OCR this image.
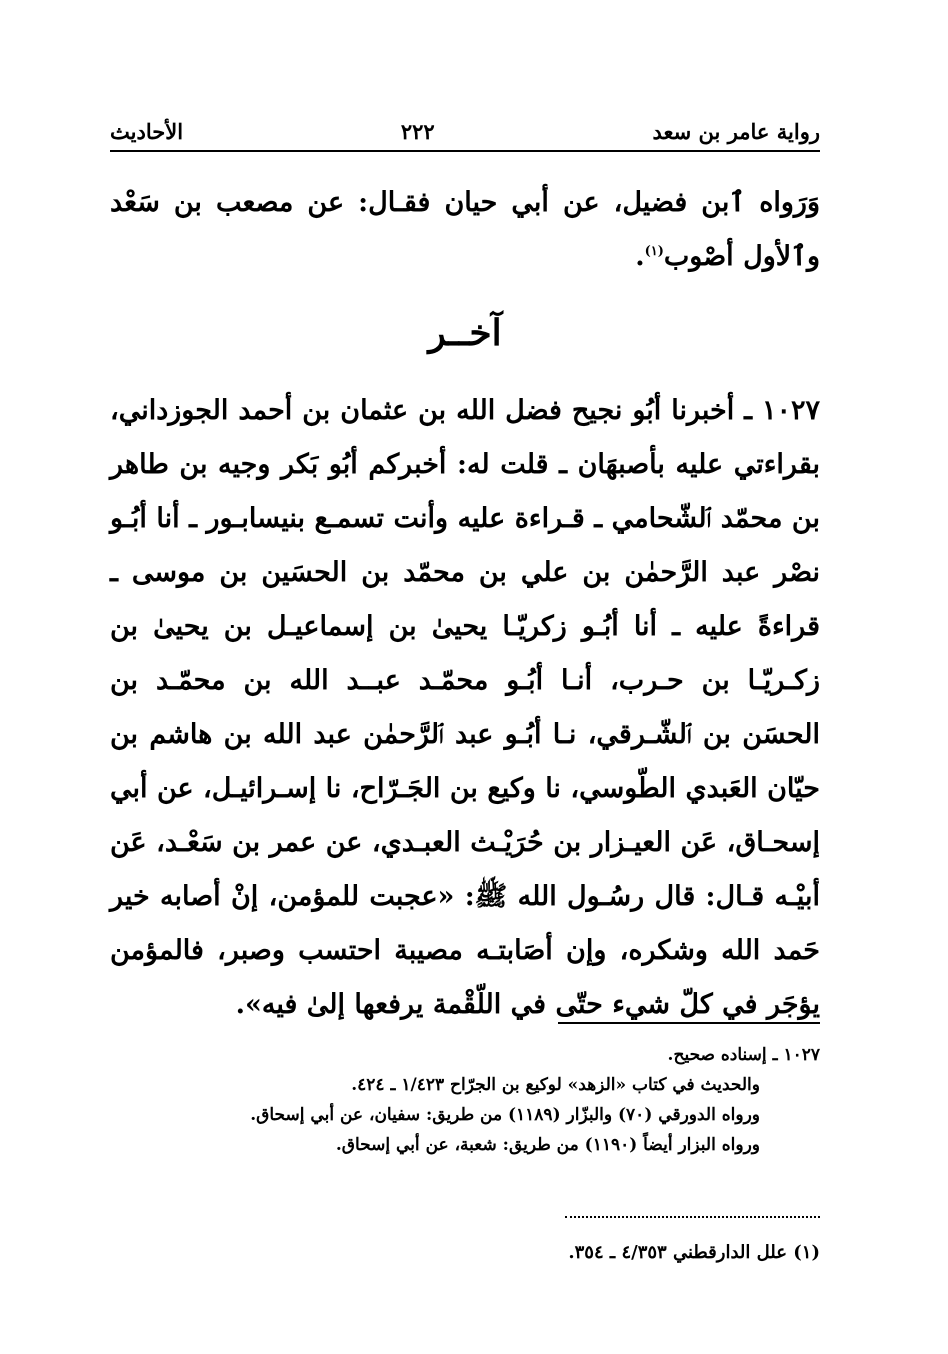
رواية عامر بن سعد
٢٢٢
الأحاديث
وَرَواه ٱبن فضيل، عن أبي حيان فقـال: عن مصعب بن سَعْد وٱلأول أصْوب$^{(١)}$.
آخــر
١٠٢٧ ـ أخبرنا أبُو نجيح فضل الله بن عثمان بن أحمد الجوزداني، بقراءتي عليه بأصبهَان ـ قلت له: أخبركم أبُو بَكر وجيه بن طاهر بن محمّد ٱلشّحامي ـ قـراءة عليه وأنت تسمـع بنيسابـور ـ أنا أبُـو نصْر عبد الرَّحمٰن بن علي بن محمّد بن الحسَين بن موسى ـ قراءةً عليه ـ أنا أبُـو زكريّـا يحيىٰ بن إسماعيـل بن يحيىٰ بن زكـريّـا بن حـرب، أنـا أبُـو محمّـد عبــد الله بن محمّـد بن الحسَن بن ٱلشّـرقي، نـا أبُـو عبد ٱلرَّحمٰن عبد الله بن هاشم بن حيّان العَبدي الطّوسي، نا وكيع بن الجَـرّاح، نا إسـرائيـل، عن أبي إسحـاق، عَن العيـزار بن حُرَيْـث العبـدي، عن عمر بن سَعْـد، عَن أبيْـه قـال: قال رسُـول الله ﷺ: «عجبت للمؤمن، إنْ أصابه خير حَمد الله وشكره، وإن أصَابتـه مصيبة احتسب وصبر، فالمؤمن يؤجَر في كلّ شيء حتّى في اللّقْمة يرفعها إلىٰ فيه».
١٠٢٧ ـ إسناده صحيح.
والحديث في كتاب «الزهد» لوكيع بن الجرّاح ١/٤٢٣ ـ ٤٢٤.
ورواه الدورقي (٧٠) والبزّار (١١٨٩) من طريق: سفيان، عن أبي إسحاق.
ورواه البزار أيضاً (١١٩٠) من طريق: شعبة، عن أبي إسحاق.
(١) علل الدارقطني ٤/٣٥٣ ـ ٣٥٤.
